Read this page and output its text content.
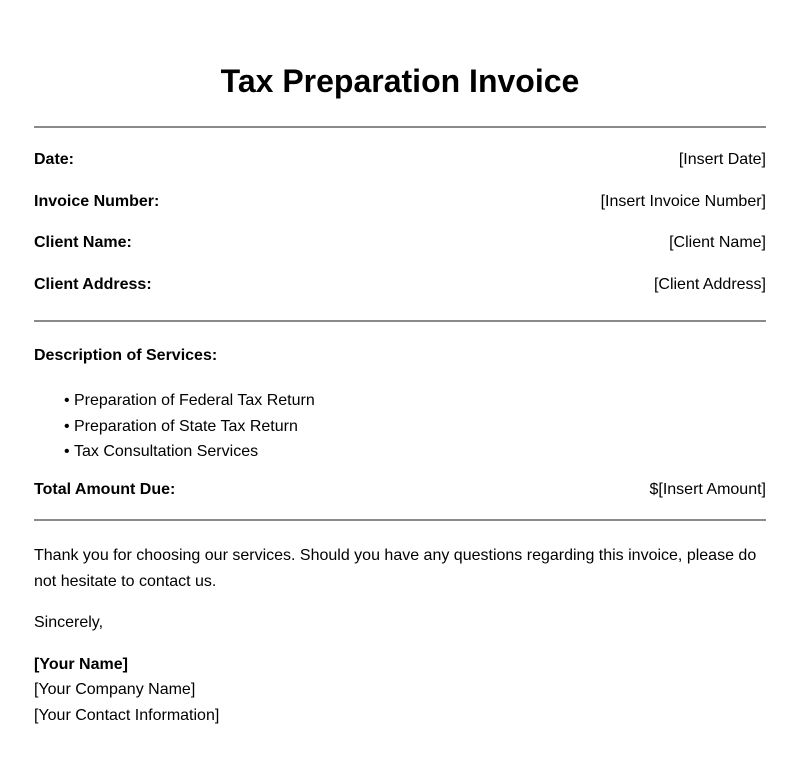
Tax Preparation Invoice
Date:	[Insert Date]
Invoice Number:	[Insert Invoice Number]
Client Name:	[Client Name]
Client Address:	[Client Address]
Description of Services:
• Preparation of Federal Tax Return
• Preparation of State Tax Return
• Tax Consultation Services
Total Amount Due:	$[Insert Amount]

Thank you for choosing our services. Should you have any questions regarding this invoice, please do not hesitate to contact us.

Sincerely,

[Your Name]
[Your Company Name]
[Your Contact Information]
